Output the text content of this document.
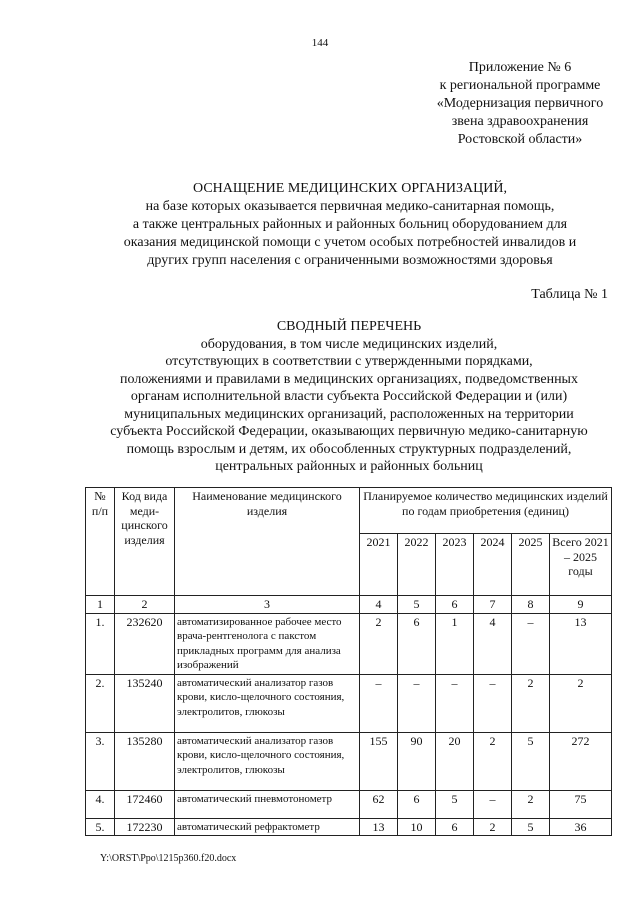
144
Приложение № 6
к региональной программе
«Модернизация первичного
звена здравоохранения
Ростовской области»
ОСНАЩЕНИЕ МЕДИЦИНСКИХ ОРГАНИЗАЦИЙ,
на базе которых оказывается первичная медико-санитарная помощь,
а также центральных районных и районных больниц оборудованием для
оказания медицинской помощи с учетом особых потребностей инвалидов и
других групп населения с ограниченными возможностями здоровья
Таблица № 1
СВОДНЫЙ ПЕРЕЧЕНЬ
оборудования, в том числе медицинских изделий,
отсутствующих в соответствии с утвержденными порядками,
положениями и правилами в медицинских организациях, подведомственных
органам исполнительной власти субъекта Российской Федерации и (или)
муниципальных медицинских организаций, расположенных на территории
субъекта Российской Федерации, оказывающих первичную медико-санитарную
помощь взрослым и детям, их обособленных структурных подразделений,
центральных районных и районных больниц
№ п/п	Код вида меди-цинского изделия	Наименование медицинского изделия	Планируемое количество медицинских изделий по годам приобретения (единиц)					
			2021	2022	2023	2024	2025	Всего 2021 – 2025 годы
1	2	3	4	5	6	7	8	9
1.	232620	автоматизированное рабочее место врача-рентгенолога с пакстом прикладных программ для анализа изображений	2	6	1	4	–	13
2.	135240	автоматический анализатор газов крови, кисло-щелочного состояния, электролитов, глюкозы	–	–	–	–	2	2
3.	135280	автоматический анализатор газов крови, кисло-щелочного состояния, электролитов, глюкозы	155	90	20	2	5	272
4.	172460	автоматический пневмотонометр	62	6	5	–	2	75
5.	172230	автоматический рефрактометр	13	10	6	2	5	36
Y:\ORST\Ppo\1215p360.f20.docx
